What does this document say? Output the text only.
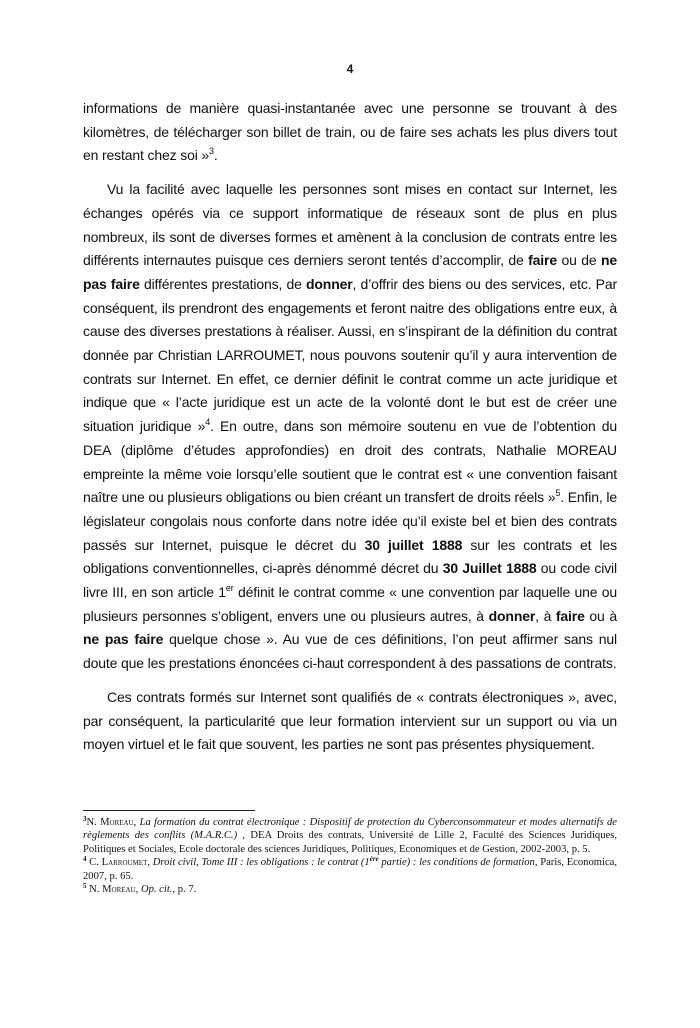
4

informations de manière quasi-instantanée avec une personne se trouvant à des kilomètres, de télécharger son billet de train, ou de faire ses achats les plus divers tout en restant chez soi »$^3$.

Vu la facilité avec laquelle les personnes sont mises en contact sur Internet, les échanges opérés via ce support informatique de réseaux sont de plus en plus nombreux, ils sont de diverses formes et amènent à la conclusion de contrats entre les différents internautes puisque ces derniers seront tentés d’accomplir, de faire ou de ne pas faire différentes prestations, de donner, d’offrir des biens ou des services, etc. Par conséquent, ils prendront des engagements et feront naitre des obligations entre eux, à cause des diverses prestations à réaliser. Aussi, en s’inspirant de la définition du contrat donnée par Christian LARROUMET, nous pouvons soutenir qu’il y aura intervention de contrats sur Internet. En effet, ce dernier définit le contrat comme un acte juridique et indique que « l’acte juridique est un acte de la volonté dont le but est de créer une situation juridique »$^4$. En outre, dans son mémoire soutenu en vue de l’obtention du DEA (diplôme d’études approfondies) en droit des contrats, Nathalie MOREAU empreinte la même voie lorsqu’elle soutient que le contrat est « une convention faisant naître une ou plusieurs obligations ou bien créant un transfert de droits réels »$^5$. Enfin, le législateur congolais nous conforte dans notre idée qu’il existe bel et bien des contrats passés sur Internet, puisque le décret du 30 juillet 1888 sur les contrats et les obligations conventionnelles, ci-après dénommé décret du 30 Juillet 1888 ou code civil livre III, en son article 1er définit le contrat comme « une convention par laquelle une ou plusieurs personnes s’obligent, envers une ou plusieurs autres, à donner, à faire ou à ne pas faire quelque chose ». Au vue de ces définitions, l’on peut affirmer sans nul doute que les prestations énoncées ci-haut correspondent à des passations de contrats.

Ces contrats formés sur Internet sont qualifiés de « contrats électroniques », avec, par conséquent, la particularité que leur formation intervient sur un support ou via un moyen virtuel et le fait que souvent, les parties ne sont pas présentes physiquement.

$^3$N. Moreau, La formation du contrat électronique : Dispositif de protection du Cyberconsommateur et modes alternatifs de règlements des conflits (M.A.R.C.) , DEA Droits des contrats, Université de Lille 2, Faculté des Sciences Juridiques, Politiques et Sociales, Ecole doctorale des sciences Juridiques, Politiques, Economiques et de Gestion, 2002-2003, p. 5.

$^4$ C. Larroumet, Droit civil, Tome III : les obligations : le contrat (1ère partie) : les conditions de formation, Paris, Economica, 2007, p. 65.

$^5$ N. Moreau, Op. cit., p. 7.
